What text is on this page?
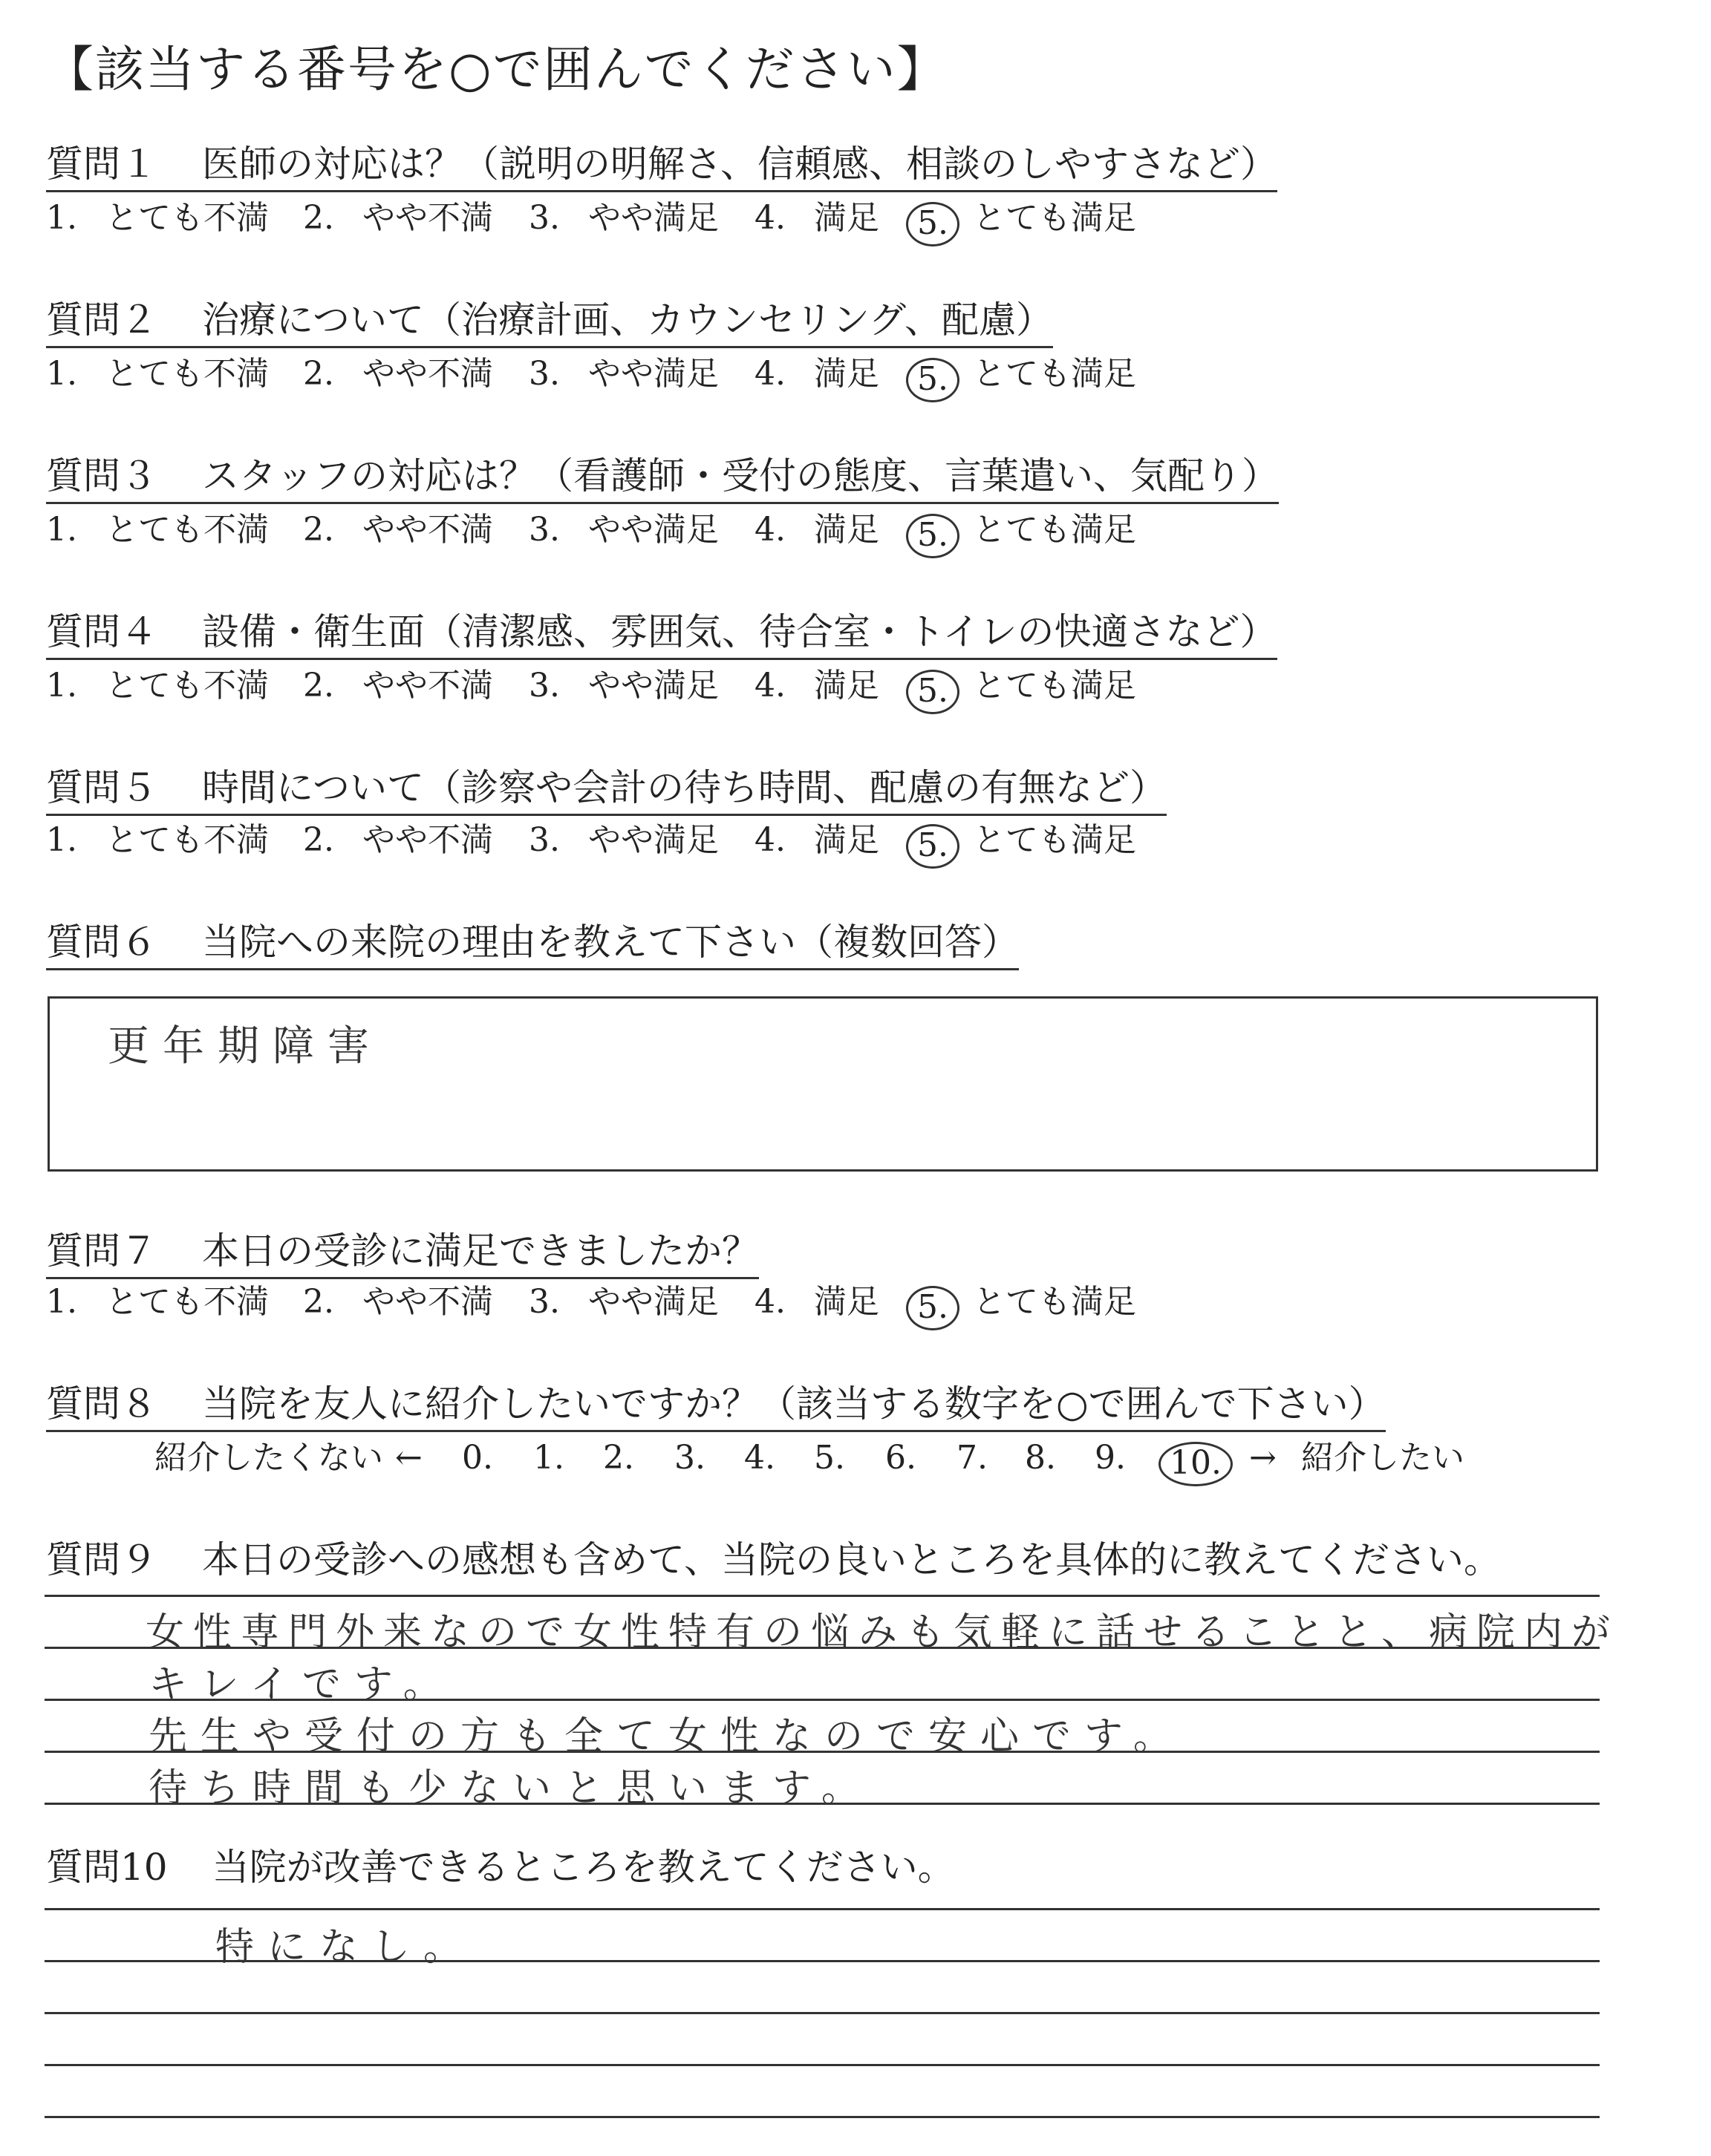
【該当する番号を○で囲んでください】
質問１ 医師の対応は？（説明の明解さ、信頼感、相談のしやすさなど）
1. とても不満 2. やや不満 3. やや満足 4. 満足	5. とても満足
質問２ 治療について（治療計画、カウンセリング、配慮）
1. とても不満 2. やや不満 3. やや満足 4. 満足	5. とても満足
質問３ スタッフの対応は？（看護師・受付の態度、言葉遣い、気配り）
1. とても不満 2. やや不満 3. やや満足 4. 満足	5. とても満足
質問４ 設備・衛生面（清潔感、雰囲気、待合室・トイレの快適さなど）
1. とても不満 2. やや不満 3. やや満足 4. 満足	5. とても満足
質問５ 時間について（診察や会計の待ち時間、配慮の有無など）
1. とても不満 2. やや不満 3. やや満足 4. 満足	5. とても満足
質問６ 当院への来院の理由を教えて下さい（複数回答）
更年期障害
質問７ 本日の受診に満足できましたか？
1. とても不満 2. やや不満 3. やや満足 4. 満足	5. とても満足
質問８ 当院を友人に紹介したいですか？（該当する数字を○で囲んで下さい）
紹介したくない ← 0. 1. 2. 3. 4. 5. 6. 7. 8. 9.	10. → 紹介したい
質問９ 本日の受診への感想も含めて、当院の良いところを具体的に教えてください。
女性専門外来なので女性特有の悩みも気軽に話せることと、病院内が
キレイです。
先生や受付の方も全て女性なので安心です。
待ち時間も少ないと思います。
質問10 当院が改善できるところを教えてください。
特になし。
